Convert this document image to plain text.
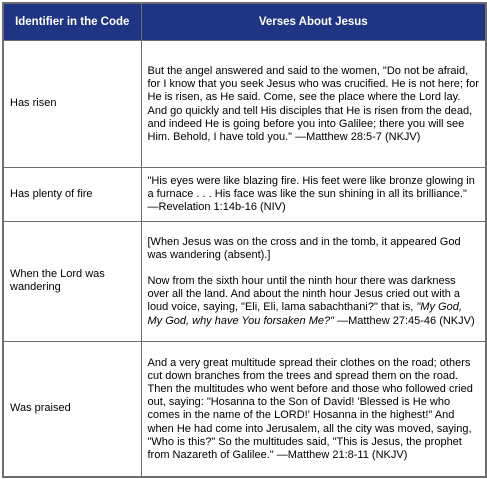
Identifier in the Code	Verses About Jesus
Has risen	But the angel answered and said to the women, "Do not be afraid, for I know that you seek Jesus who was crucified. He is not here; for He is risen, as He said. Come, see the place where the Lord lay. And go quickly and tell His disciples that He is risen from the dead, and indeed He is going before you into Galilee; there you will see Him. Behold, I have told you." —Matthew 28:5-7 (NKJV)
Has plenty of fire	"His eyes were like blazing fire. His feet were like bronze glowing in a furnace . . . His face was like the sun shining in all its brilliance." —Revelation 1:14b-16 (NIV)
When the Lord was wandering	[When Jesus was on the cross and in the tomb, it appeared God was wandering (absent).]

Now from the sixth hour until the ninth hour there was darkness over all the land. And about the ninth hour Jesus cried out with a loud voice, saying, "Eli, Eli, lama sabachthani?" that is, "My God, My God, why have You forsaken Me?" —Matthew 27:45-46 (NKJV)

Was praised	And a very great multitude spread their clothes on the road; others cut down branches from the trees and spread them on the road. Then the multitudes who went before and those who followed cried out, saying: "Hosanna to the Son of David! 'Blessed is He who comes in the name of the LORD!' Hosanna in the highest!" And when He had come into Jerusalem, all the city was moved, saying, "Who is this?" So the multitudes said, "This is Jesus, the prophet from Nazareth of Galilee." —Matthew 21:8-11 (NKJV)
